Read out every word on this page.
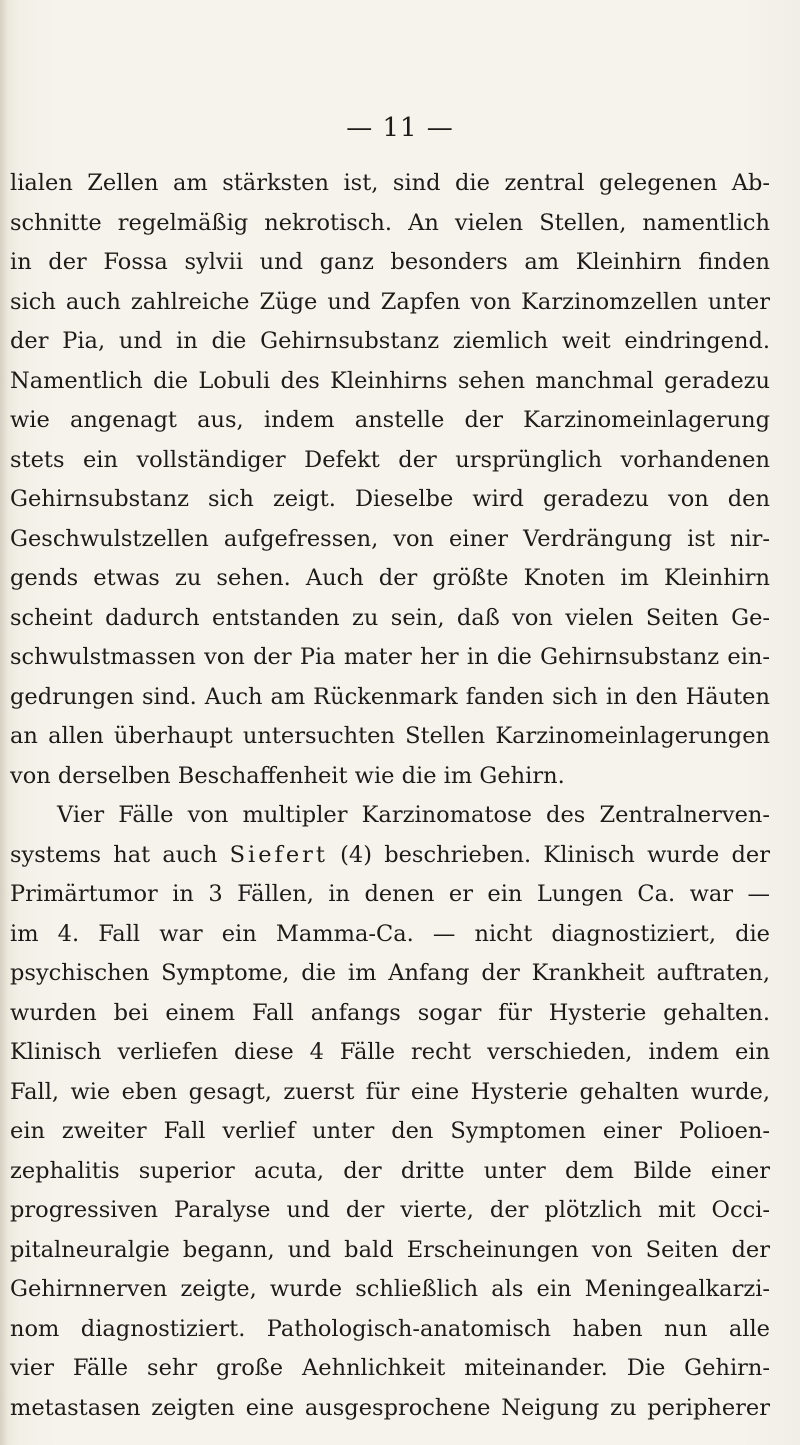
— 11 —
lialen Zellen am stärksten ist, sind die zentral gelegenen Ab-
schnitte regelmäßig nekrotisch. An vielen Stellen, namentlich
in der Fossa sylvii und ganz besonders am Kleinhirn finden
sich auch zahlreiche Züge und Zapfen von Karzinomzellen unter
der Pia, und in die Gehirnsubstanz ziemlich weit eindringend.
Namentlich die Lobuli des Kleinhirns sehen manchmal geradezu
wie angenagt aus, indem anstelle der Karzinomeinlagerung
stets ein vollständiger Defekt der ursprünglich vorhandenen
Gehirnsubstanz sich zeigt. Dieselbe wird geradezu von den
Geschwulstzellen aufgefressen, von einer Verdrängung ist nir-
gends etwas zu sehen. Auch der größte Knoten im Kleinhirn
scheint dadurch entstanden zu sein, daß von vielen Seiten Ge-
schwulstmassen von der Pia mater her in die Gehirnsubstanz ein-
gedrungen sind. Auch am Rückenmark fanden sich in den Häuten
an allen überhaupt untersuchten Stellen Karzinomeinlagerungen
von derselben Beschaffenheit wie die im Gehirn.
Vier Fälle von multipler Karzinomatose des Zentralnerven-
systems hat auch Siefert (4) beschrieben. Klinisch wurde der
Primärtumor in 3 Fällen, in denen er ein Lungen Ca. war —
im 4. Fall war ein Mamma-Ca. — nicht diagnostiziert, die
psychischen Symptome, die im Anfang der Krankheit auftraten,
wurden bei einem Fall anfangs sogar für Hysterie gehalten.
Klinisch verliefen diese 4 Fälle recht verschieden, indem ein
Fall, wie eben gesagt, zuerst für eine Hysterie gehalten wurde,
ein zweiter Fall verlief unter den Symptomen einer Polioen-
zephalitis superior acuta, der dritte unter dem Bilde einer
progressiven Paralyse und der vierte, der plötzlich mit Occi-
pitalneuralgie begann, und bald Erscheinungen von Seiten der
Gehirnnerven zeigte, wurde schließlich als ein Meningealkarzi-
nom diagnostiziert. Pathologisch-anatomisch haben nun alle
vier Fälle sehr große Aehnlichkeit miteinander. Die Gehirn-
metastasen zeigten eine ausgesprochene Neigung zu peripherer
